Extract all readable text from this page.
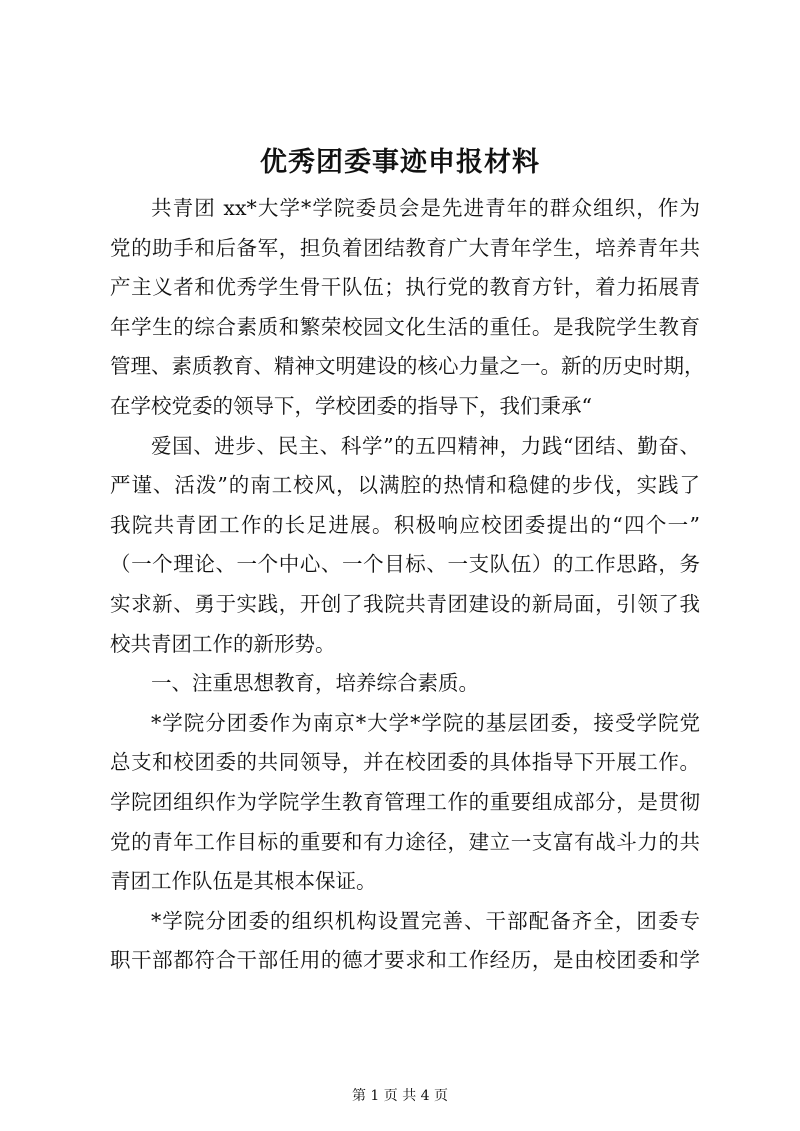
优秀团委事迹申报材料
共青团 xx*大学*学院委员会是先进青年的群众组织，作为
党的助手和后备军，担负着团结教育广大青年学生，培养青年共
产主义者和优秀学生骨干队伍；执行党的教育方针，着力拓展青
年学生的综合素质和繁荣校园文化生活的重任。是我院学生教育
管理、素质教育、精神文明建设的核心力量之一。新的历史时期，
在学校党委的领导下，学校团委的指导下，我们秉承“
爱国、进步、民主、科学”的五四精神，力践“团结、勤奋、
严谨、活泼”的南工校风，以满腔的热情和稳健的步伐，实践了
我院共青团工作的长足进展。积极响应校团委提出的“四个一”
（一个理论、一个中心、一个目标、一支队伍）的工作思路，务
实求新、勇于实践，开创了我院共青团建设的新局面，引领了我
校共青团工作的新形势。
一、注重思想教育，培养综合素质。
*学院分团委作为南京*大学*学院的基层团委，接受学院党
总支和校团委的共同领导，并在校团委的具体指导下开展工作。
学院团组织作为学院学生教育管理工作的重要组成部分，是贯彻
党的青年工作目标的重要和有力途径，建立一支富有战斗力的共
青团工作队伍是其根本保证。
*学院分团委的组织机构设置完善、干部配备齐全，团委专
职干部都符合干部任用的德才要求和工作经历，是由校团委和学
第 1 页 共 4 页
